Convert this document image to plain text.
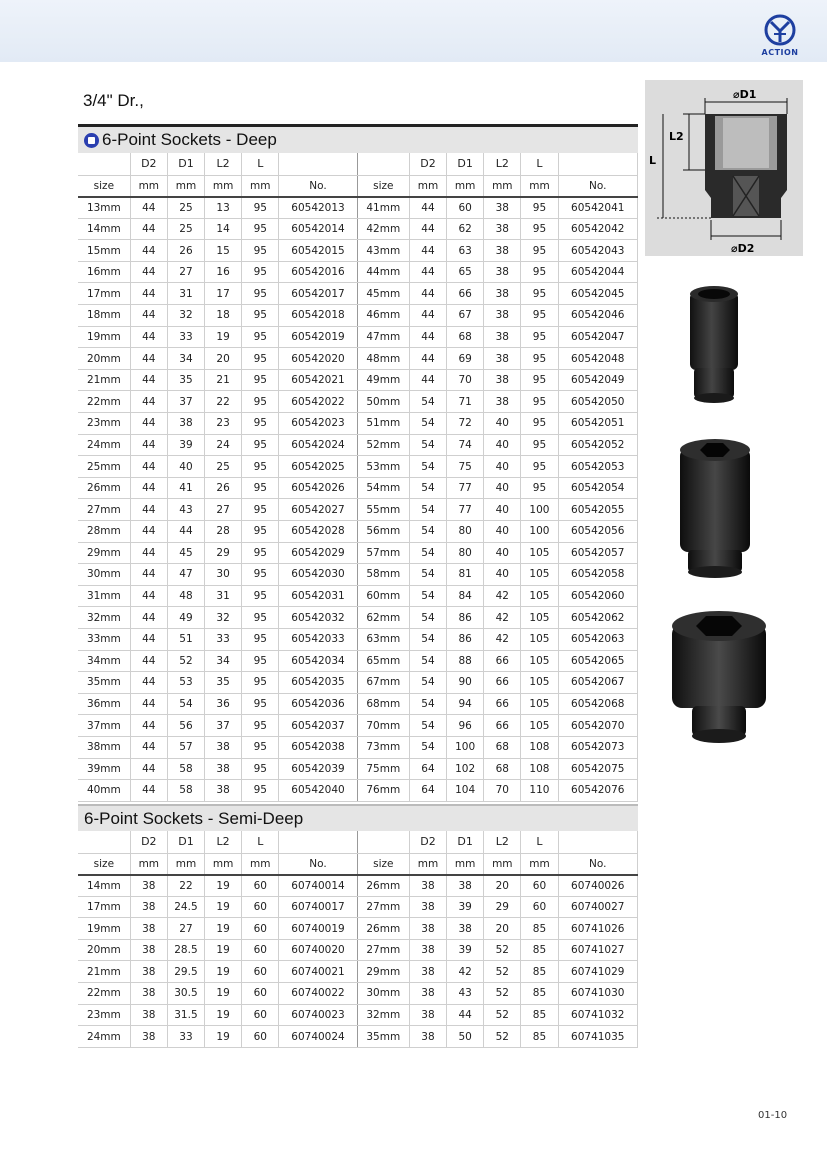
ACTION
3/4" Dr.,
6-Point Sockets - Deep
	D2	D1	L2	L			D2	D1	L2	L	
size	mm	mm	mm	mm	No.	size	mm	mm	mm	mm	No.
13mm	44	25	13	95	60542013	41mm	44	60	38	95	60542041
14mm	44	25	14	95	60542014	42mm	44	62	38	95	60542042
15mm	44	26	15	95	60542015	43mm	44	63	38	95	60542043
16mm	44	27	16	95	60542016	44mm	44	65	38	95	60542044
17mm	44	31	17	95	60542017	45mm	44	66	38	95	60542045
18mm	44	32	18	95	60542018	46mm	44	67	38	95	60542046
19mm	44	33	19	95	60542019	47mm	44	68	38	95	60542047
20mm	44	34	20	95	60542020	48mm	44	69	38	95	60542048
21mm	44	35	21	95	60542021	49mm	44	70	38	95	60542049
22mm	44	37	22	95	60542022	50mm	54	71	38	95	60542050
23mm	44	38	23	95	60542023	51mm	54	72	40	95	60542051
24mm	44	39	24	95	60542024	52mm	54	74	40	95	60542052
25mm	44	40	25	95	60542025	53mm	54	75	40	95	60542053
26mm	44	41	26	95	60542026	54mm	54	77	40	95	60542054
27mm	44	43	27	95	60542027	55mm	54	77	40	100	60542055
28mm	44	44	28	95	60542028	56mm	54	80	40	100	60542056
29mm	44	45	29	95	60542029	57mm	54	80	40	105	60542057
30mm	44	47	30	95	60542030	58mm	54	81	40	105	60542058
31mm	44	48	31	95	60542031	60mm	54	84	42	105	60542060
32mm	44	49	32	95	60542032	62mm	54	86	42	105	60542062
33mm	44	51	33	95	60542033	63mm	54	86	42	105	60542063
34mm	44	52	34	95	60542034	65mm	54	88	66	105	60542065
35mm	44	53	35	95	60542035	67mm	54	90	66	105	60542067
36mm	44	54	36	95	60542036	68mm	54	94	66	105	60542068
37mm	44	56	37	95	60542037	70mm	54	96	66	105	60542070
38mm	44	57	38	95	60542038	73mm	54	100	68	108	60542073
39mm	44	58	38	95	60542039	75mm	64	102	68	108	60542075
40mm	44	58	38	95	60542040	76mm	64	104	70	110	60542076
6-Point Sockets - Semi-Deep
	D2	D1	L2	L			D2	D1	L2	L	
size	mm	mm	mm	mm	No.	size	mm	mm	mm	mm	No.
14mm	38	22	19	60	60740014	26mm	38	38	20	60	60740026
17mm	38	24.5	19	60	60740017	27mm	38	39	29	60	60740027
19mm	38	27	19	60	60740019	26mm	38	38	20	85	60741026
20mm	38	28.5	19	60	60740020	27mm	38	39	52	85	60741027
21mm	38	29.5	19	60	60740021	29mm	38	42	52	85	60741029
22mm	38	30.5	19	60	60740022	30mm	38	43	52	85	60741030
23mm	38	31.5	19	60	60740023	32mm	38	44	52	85	60741032
24mm	38	33	19	60	60740024	35mm	38	50	52	85	60741035
⌀D1
⌀D2
L2
L
01-10
